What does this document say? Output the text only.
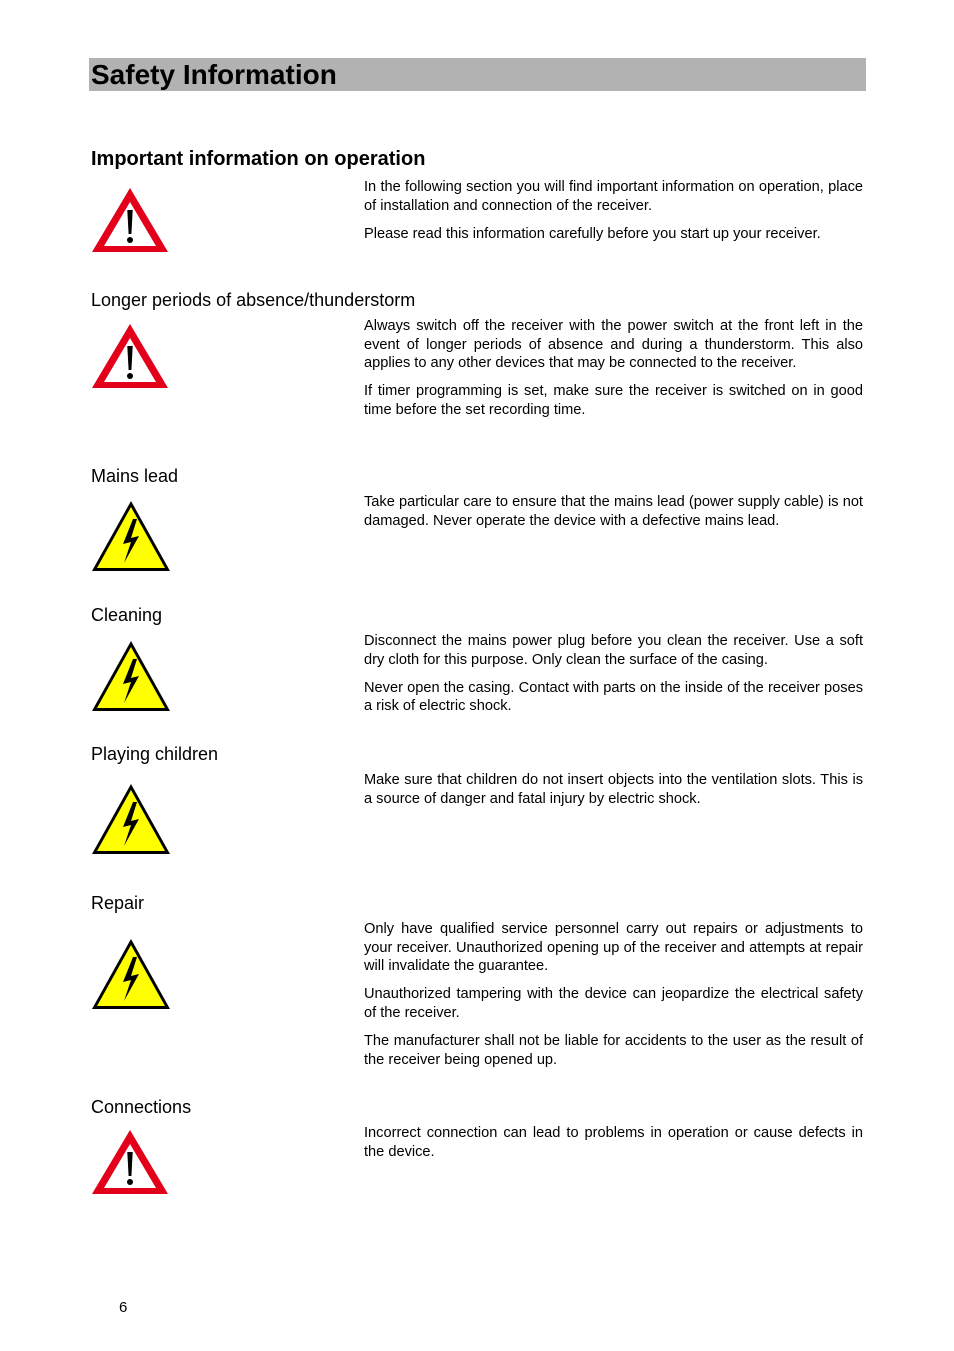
Safety Information
Important information on operation

In the following section you will find important information on operation, place of installation and connection of the receiver.

Please read this information carefully before you start up your receiver.

Longer periods of absence/thunderstorm

Always switch off the receiver with the power switch at the front left in the event of longer periods of absence and during a thunderstorm. This also applies to any other devices that may be connected to the receiver.

If timer programming is set, make sure the receiver is switched on in good time before the set recording time.

Mains lead

Take particular care to ensure that the mains lead (power supply cable) is not damaged. Never operate the device with a defective mains lead.

Cleaning

Disconnect the mains power plug before you clean the receiver. Use a soft dry cloth for this purpose. Only clean the surface of the casing.

Never open the casing. Contact with parts on the inside of the receiver poses a risk of electric shock.

Playing children

Make sure that children do not insert objects into the ventilation slots. This is a source of danger and fatal injury by electric shock.

Repair

Only have qualified service personnel carry out repairs or adjustments to your receiver. Unauthorized opening up of the receiver and attempts at repair will invalidate the guarantee.

Unauthorized tampering with the device can jeopardize the electrical safety of the receiver.

The manufacturer shall not be liable for accidents to the user as the result of the receiver being opened up.

Connections

Incorrect connection can lead to problems in operation or cause defects in the device.

6
